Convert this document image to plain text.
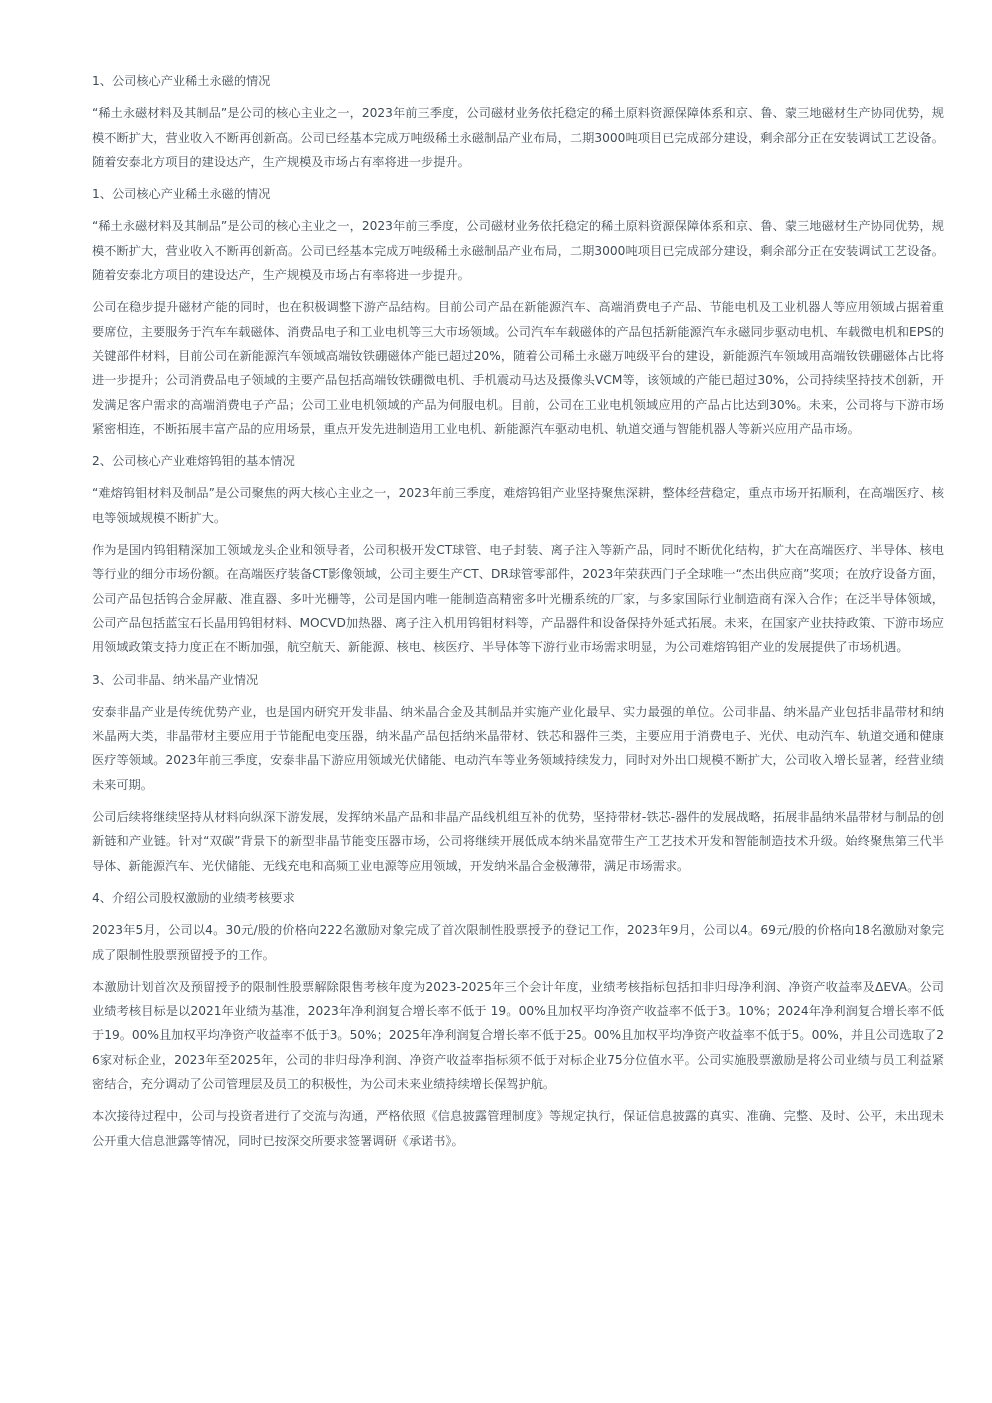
1、公司核心产业稀土永磁的情况

“稀土永磁材料及其制品”是公司的核心主业之一，2023年前三季度，公司磁材业务依托稳定的稀土原料资源保障体系和京、鲁、蒙三地磁材生产协同优势，规模不断扩大，营业收入不断再创新高。公司已经基本完成万吨级稀土永磁制品产业布局，二期3000吨项目已完成部分建设，剩余部分正在安装调试工艺设备。随着安泰北方项目的建设达产，生产规模及市场占有率将进一步提升。

1、公司核心产业稀土永磁的情况

“稀土永磁材料及其制品”是公司的核心主业之一，2023年前三季度，公司磁材业务依托稳定的稀土原料资源保障体系和京、鲁、蒙三地磁材生产协同优势，规模不断扩大，营业收入不断再创新高。公司已经基本完成万吨级稀土永磁制品产业布局，二期3000吨项目已完成部分建设，剩余部分正在安装调试工艺设备。随着安泰北方项目的建设达产，生产规模及市场占有率将进一步提升。

公司在稳步提升磁材产能的同时，也在积极调整下游产品结构。目前公司产品在新能源汽车、高端消费电子产品、节能电机及工业机器人等应用领域占据着重要席位，主要服务于汽车车载磁体、消费品电子和工业电机等三大市场领域。公司汽车车载磁体的产品包括新能源汽车永磁同步驱动电机、车载微电机和EPS的关键部件材料，目前公司在新能源汽车领域高端钕铁硼磁体产能已超过20%，随着公司稀土永磁万吨级平台的建设，新能源汽车领域用高端钕铁硼磁体占比将进一步提升；公司消费品电子领域的主要产品包括高端钕铁硼微电机、手机震动马达及摄像头VCM等，该领域的产能已超过30%，公司持续坚持技术创新，开发满足客户需求的高端消费电子产品；公司工业电机领域的产品为伺服电机。目前，公司在工业电机领域应用的产品占比达到30%。未来，公司将与下游市场紧密相连，不断拓展丰富产品的应用场景，重点开发先进制造用工业电机、新能源汽车驱动电机、轨道交通与智能机器人等新兴应用产品市场。

2、公司核心产业难熔钨钼的基本情况

“难熔钨钼材料及制品”是公司聚焦的两大核心主业之一，2023年前三季度，难熔钨钼产业坚持聚焦深耕，整体经营稳定，重点市场开拓顺利，在高端医疗、核电等领域规模不断扩大。

作为是国内钨钼精深加工领域龙头企业和领导者，公司积极开发CT球管、电子封装、离子注入等新产品，同时不断优化结构，扩大在高端医疗、半导体、核电等行业的细分市场份额。在高端医疗装备CT影像领域，公司主要生产CT、DR球管零部件，2023年荣获西门子全球唯一“杰出供应商”奖项；在放疗设备方面，公司产品包括钨合金屏蔽、准直器、多叶光栅等，公司是国内唯一能制造高精密多叶光栅系统的厂家，与多家国际行业制造商有深入合作；在泛半导体领域，公司产品包括蓝宝石长晶用钨钼材料、MOCVD加热器、离子注入机用钨钼材料等，产品器件和设备保持外延式拓展。未来，在国家产业扶持政策、下游市场应用领域政策支持力度正在不断加强，航空航天、新能源、核电、核医疗、半导体等下游行业市场需求明显，为公司难熔钨钼产业的发展提供了市场机遇。

3、公司非晶、纳米晶产业情况

安泰非晶产业是传统优势产业，也是国内研究开发非晶、纳米晶合金及其制品并实施产业化最早、实力最强的单位。公司非晶、纳米晶产业包括非晶带材和纳米晶两大类，非晶带材主要应用于节能配电变压器，纳米晶产品包括纳米晶带材、铁芯和器件三类，主要应用于消费电子、光伏、电动汽车、轨道交通和健康医疗等领域。2023年前三季度，安泰非晶下游应用领域光伏储能、电动汽车等业务领域持续发力，同时对外出口规模不断扩大，公司收入增长显著，经营业绩未来可期。

公司后续将继续坚持从材料向纵深下游发展，发挥纳米晶产品和非晶产品线机组互补的优势，坚持带材-铁芯-器件的发展战略，拓展非晶纳米晶带材与制品的创新链和产业链。针对“双碳”背景下的新型非晶节能变压器市场，公司将继续开展低成本纳米晶宽带生产工艺技术开发和智能制造技术升级。始终聚焦第三代半导体、新能源汽车、光伏储能、无线充电和高频工业电源等应用领域，开发纳米晶合金极薄带，满足市场需求。

4、介绍公司股权激励的业绩考核要求

2023年5月，公司以4。30元/股的价格向222名激励对象完成了首次限制性股票授予的登记工作，2023年9月，公司以4。69元/股的价格向18名激励对象完成了限制性股票预留授予的工作。

本激励计划首次及预留授予的限制性股票解除限售考核年度为2023-2025年三个会计年度，业绩考核指标包括扣非归母净利润、净资产收益率及ΔEVA。公司业绩考核目标是以2021年业绩为基准，2023年净利润复合增长率不低于 19。00%且加权平均净资产收益率不低于3。10%；2024年净利润复合增长率不低于19。00%且加权平均净资产收益率不低于3。50%；2025年净利润复合增长率不低于25。00%且加权平均净资产收益率不低于5。00%，并且公司选取了26家对标企业，2023年至2025年，公司的非归母净利润、净资产收益率指标须不低于对标企业75分位值水平。公司实施股票激励是将公司业绩与员工利益紧密结合，充分调动了公司管理层及员工的积极性，为公司未来业绩持续增长保驾护航。

本次接待过程中，公司与投资者进行了交流与沟通，严格依照《信息披露管理制度》等规定执行，保证信息披露的真实、准确、完整、及时、公平，未出现未公开重大信息泄露等情况，同时已按深交所要求签署调研《承诺书》。
